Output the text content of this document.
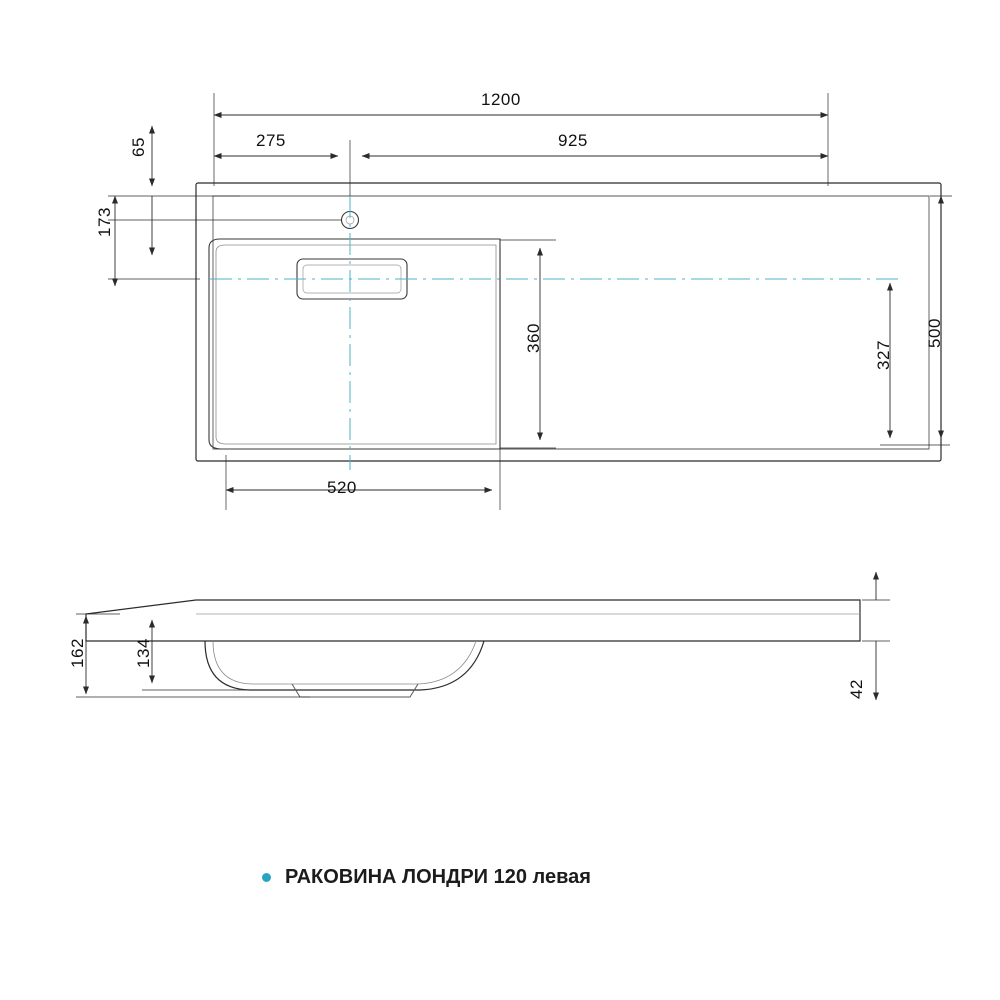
1200
275	925
65
173
360
327
500
520
162	134
42
РАКОВИНА ЛОНДРИ 120 левая
